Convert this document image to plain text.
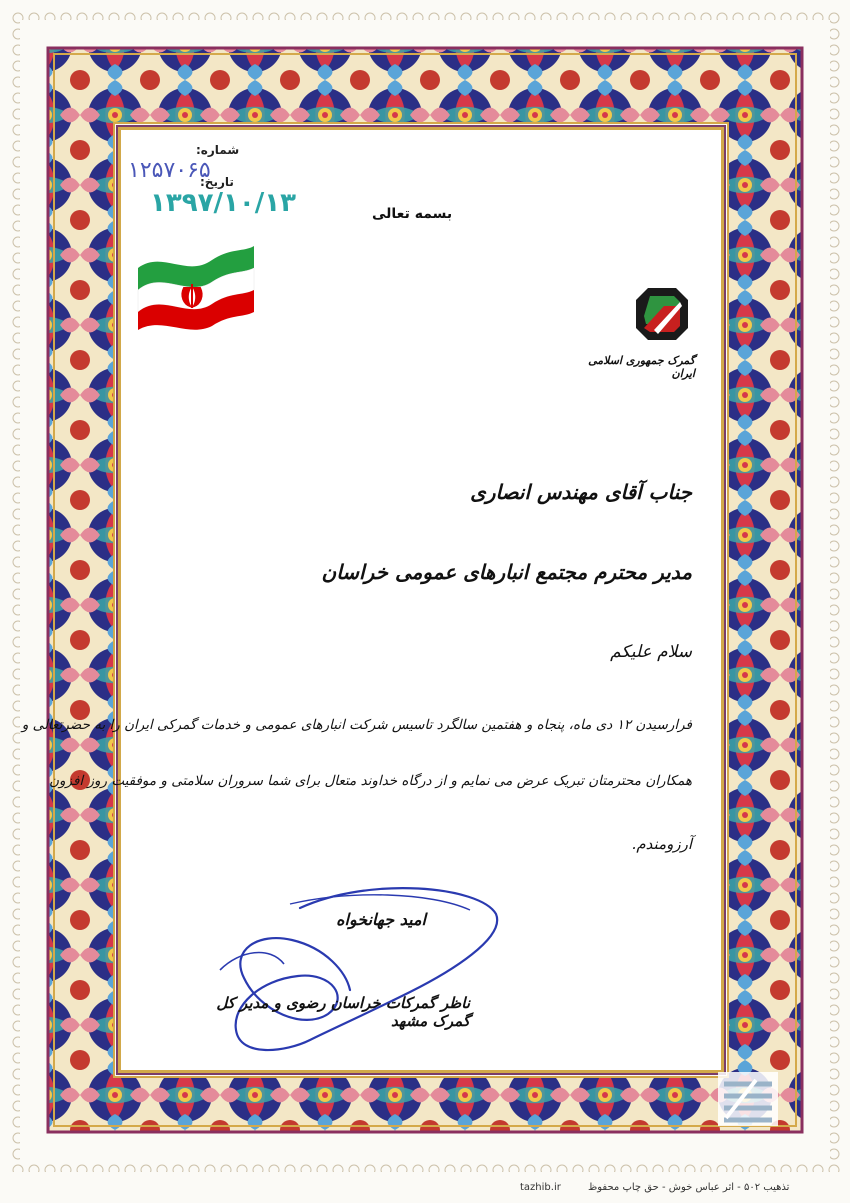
شماره:
۱۲۵۷۰۶۵
تاریخ:
۱۳۹۷/۱۰/۱۳	بسمه تعالی
گمرک جمهوری اسلامی ایران
جناب آقای مهندس انصاری
مدیر محترم مجتمع انبارهای عمومی خراسان
سلام علیکم
فرارسیدن ۱۲ دی ماه، پنجاه و هفتمین سالگرد تاسیس شرکت انبارهای عمومی و خدمات گمرکی ایران را به حضرتعالی و
همکاران محترمتان تبریک عرض می نمایم و از درگاه خداوند متعال برای شما سروران سلامتی و موفقیت روز افزون
آرزومندم.
امید جهانخواه
ناظر گمرکات خراسان رضوی و مدیر کل گمرک مشهد
تذهیب ۵۰۲ - اثر عباس خوش - حق چاپ محفوظ
tazhib.ir
